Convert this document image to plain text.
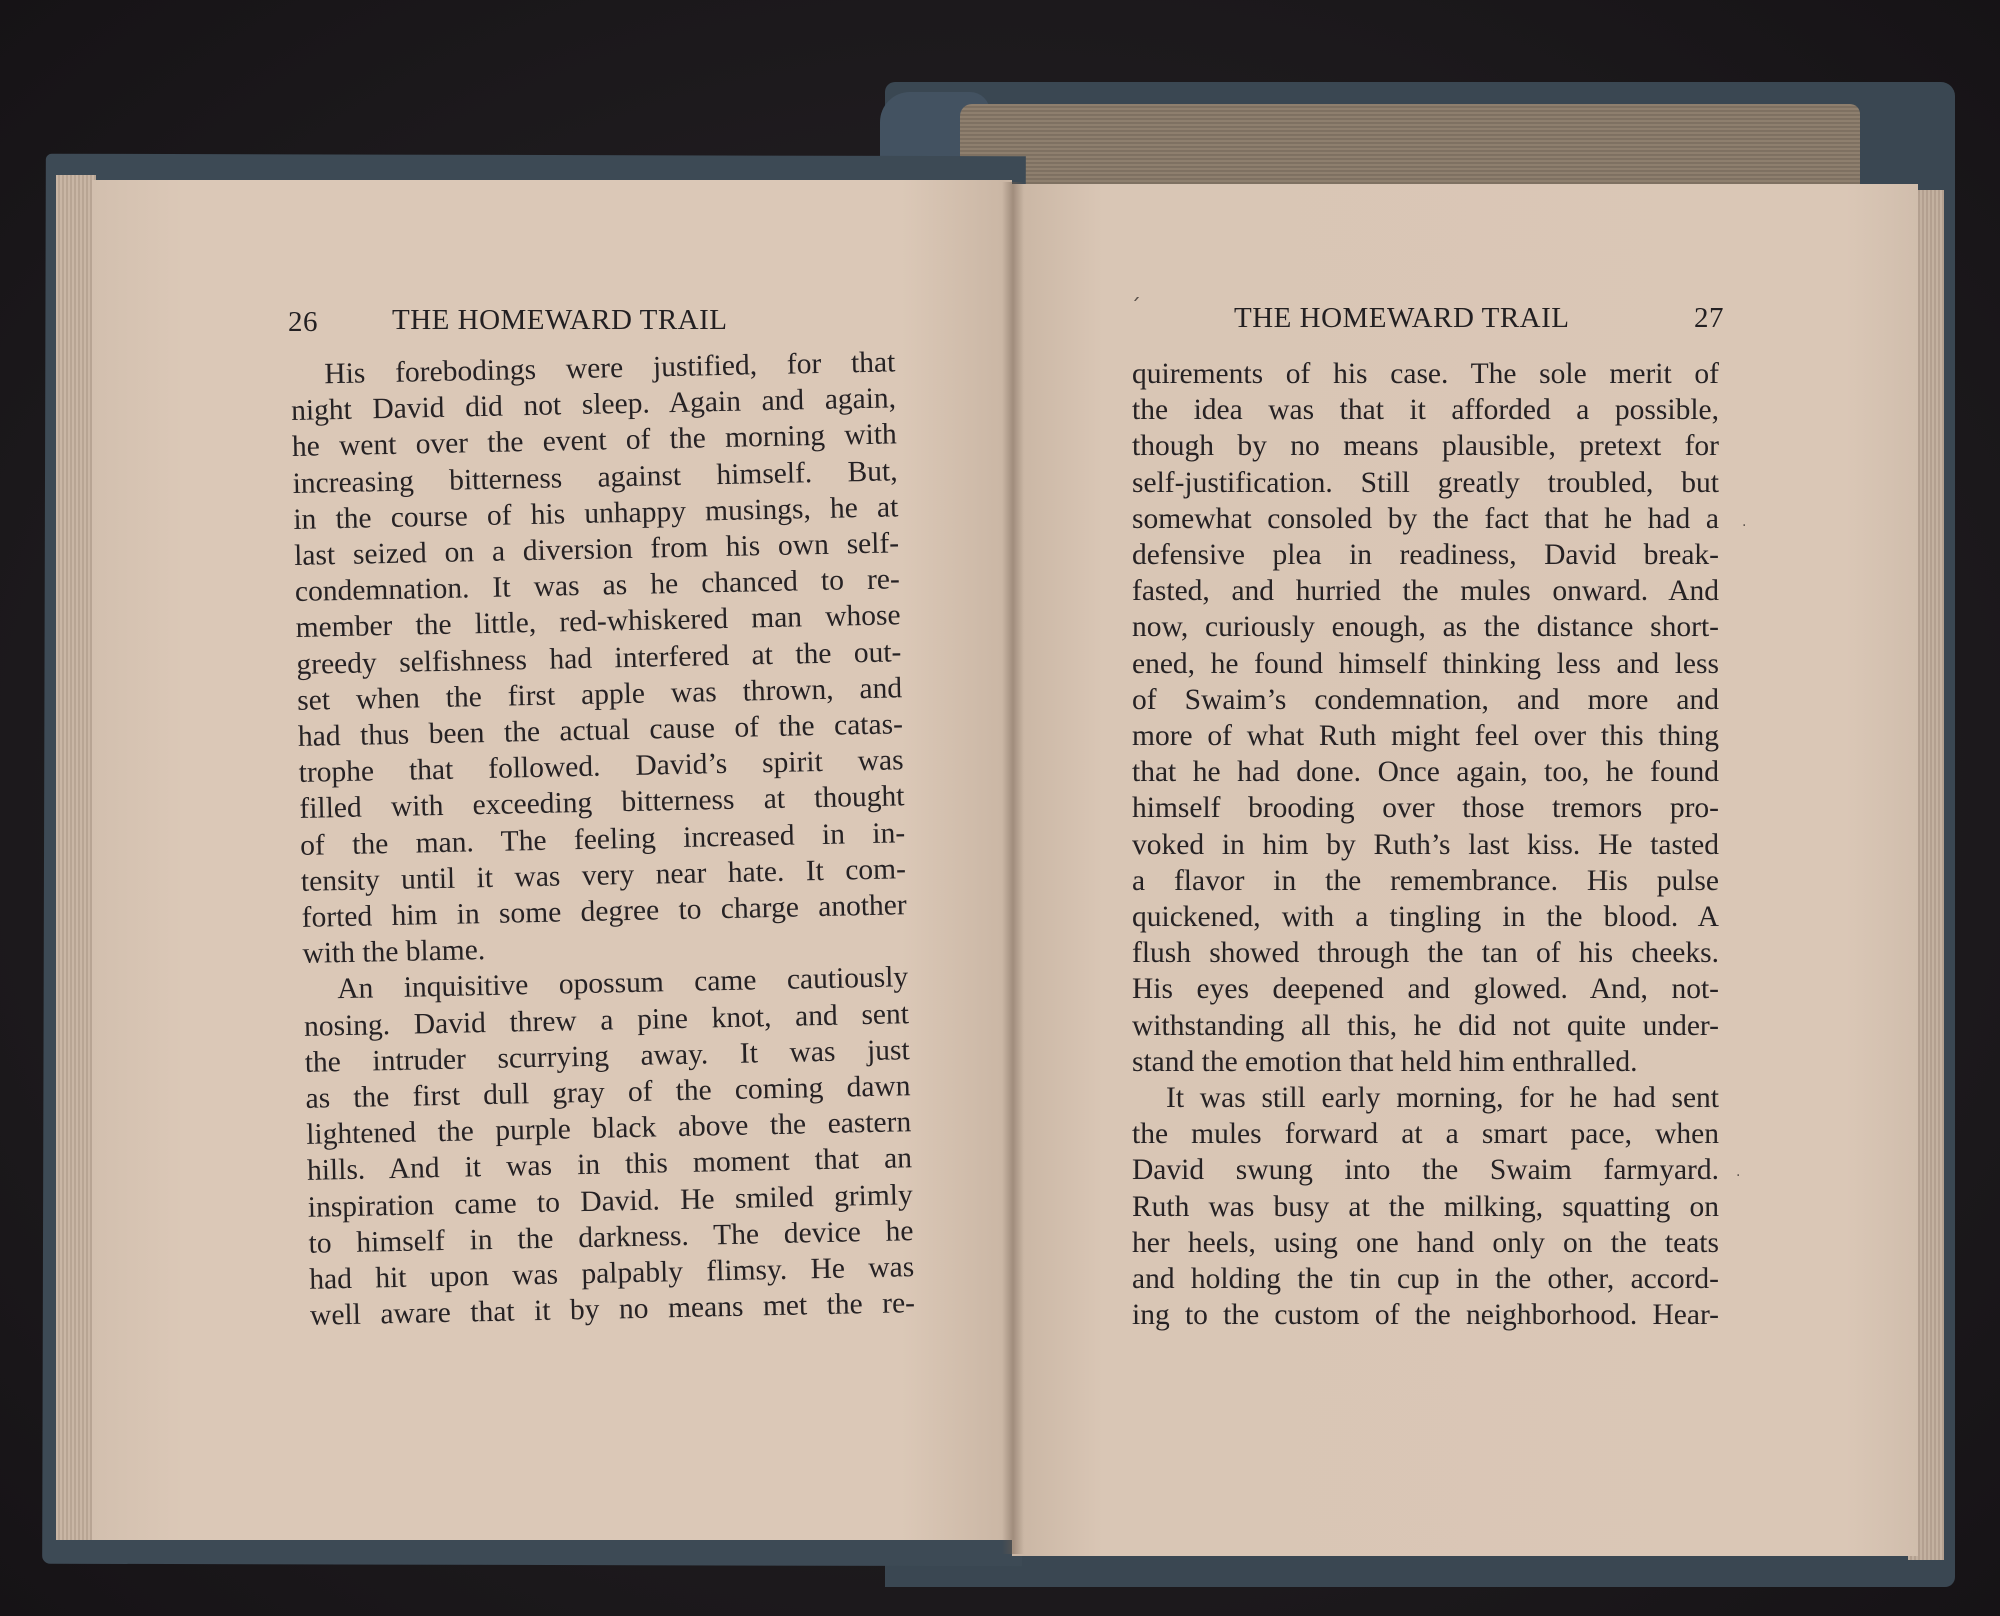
26	THE HOMEWARD TRAIL	THE HOMEWARD TRAIL	27
His forebodings were justified, for that
night David did not sleep. Again and again,
he went over the event of the morning with
increasing bitterness against himself. But,
in the course of his unhappy musings, he at
last seized on a diversion from his own self-
condemnation. It was as he chanced to re-
member the little, red-whiskered man whose
greedy selfishness had interfered at the out-
set when the first apple was thrown, and
had thus been the actual cause of the catas-
trophe that followed. David’s spirit was
filled with exceeding bitterness at thought
of the man. The feeling increased in in-
tensity until it was very near hate. It com-
forted him in some degree to charge another
with the blame.
An inquisitive opossum came cautiously
nosing. David threw a pine knot, and sent
the intruder scurrying away. It was just
as the first dull gray of the coming dawn
lightened the purple black above the eastern
hills. And it was in this moment that an
inspiration came to David. He smiled grimly
to himself in the darkness. The device he
had hit upon was palpably flimsy. He was
well aware that it by no means met the re-
quirements of his case. The sole merit of
the idea was that it afforded a possible,
though by no means plausible, pretext for
self-justification. Still greatly troubled, but
somewhat consoled by the fact that he had a
defensive plea in readiness, David break-
fasted, and hurried the mules onward. And
now, curiously enough, as the distance short-
ened, he found himself thinking less and less
of Swaim’s condemnation, and more and
more of what Ruth might feel over this thing
that he had done. Once again, too, he found
himself brooding over those tremors pro-
voked in him by Ruth’s last kiss. He tasted
a flavor in the remembrance. His pulse
quickened, with a tingling in the blood. A
flush showed through the tan of his cheeks.
His eyes deepened and glowed. And, not-
withstanding all this, he did not quite under-
stand the emotion that held him enthralled.
It was still early morning, for he had sent
the mules forward at a smart pace, when
David swung into the Swaim farmyard.
Ruth was busy at the milking, squatting on
her heels, using one hand only on the teats
and holding the tin cup in the other, accord-
ing to the custom of the neighborhood. Hear-
ˊ
·
·
